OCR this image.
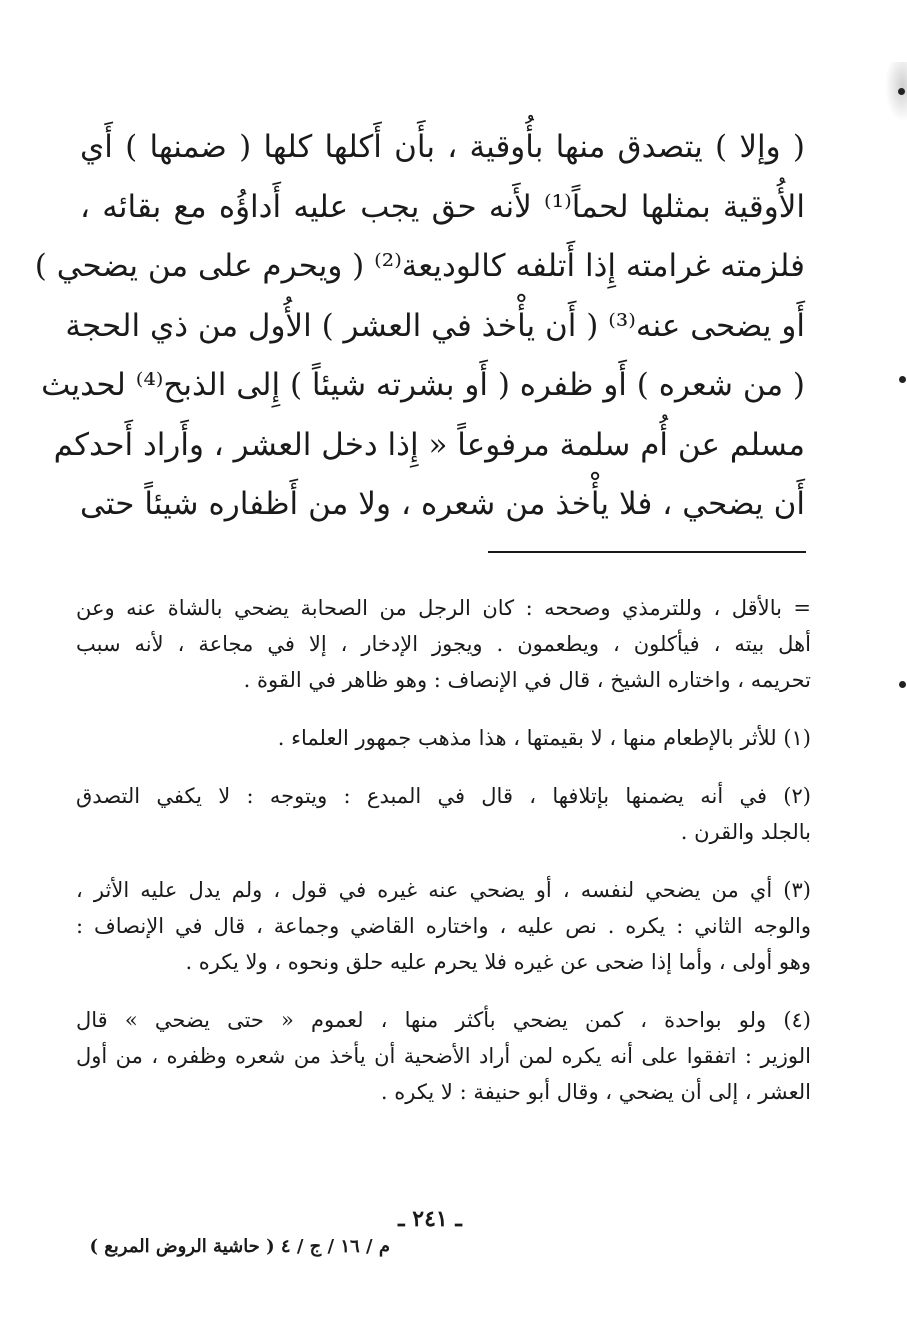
( وإلا ) يتصدق منها بأُوقية ، بأَن أَكلها كلها ( ضمنها ) أَي
الأُوقية بمثلها لحماً⁽¹⁾ لأَنه حق يجب عليه أَداؤُه مع بقائه ،
فلزمته غرامته إِذا أَتلفه كالوديعة⁽²⁾ ( ويحرم على من يضحي )
أَو يضحى عنه⁽³⁾ ( أَن يأْخذ في العشر ) الأُول من ذي الحجة
( من شعره ) أَو ظفره ( أَو بشرته شيئاً ) إِلى الذبح⁽⁴⁾ لحديث
مسلم عن أُم سلمة مرفوعاً « إِذا دخل العشر ، وأَراد أَحدكم
أَن يضحي ، فلا يأْخذ من شعره ، ولا من أَظفاره شيئاً حتى
= بالأقل ، وللترمذي وصححه : كان الرجل من الصحابة يضحي بالشاة عنه وعن
أهل بيته ، فيأكلون ، ويطعمون . ويجوز الإدخار ، إلا في مجاعة ، لأنه سبب
تحريمه ، واختاره الشيخ ، قال في الإنصاف : وهو ظاهر في القوة .
(١) للأثر بالإطعام منها ، لا بقيمتها ، هذا مذهب جمهور العلماء .
(٢) في أنه يضمنها بإتلافها ، قال في المبدع : ويتوجه : لا يكفي التصدق
بالجلد والقرن .
(٣) أي من يضحي لنفسه ، أو يضحي عنه غيره في قول ، ولم يدل عليه الأثر ،
والوجه الثاني : يكره . نص عليه ، واختاره القاضي وجماعة ، قال في الإنصاف :
وهو أولى ، وأما إذا ضحى عن غيره فلا يحرم عليه حلق ونحوه ، ولا يكره .
(٤) ولو بواحدة ، كمن يضحي بأكثر منها ، لعموم « حتى يضحي » قال
الوزير : اتفقوا على أنه يكره لمن أراد الأضحية أن يأخذ من شعره وظفره ، من أول
العشر ، إلى أن يضحي ، وقال أبو حنيفة : لا يكره .
ـ ٢٤١ ـ
م / ١٦ / ج / ٤ ( حاشية الروض المربع )
